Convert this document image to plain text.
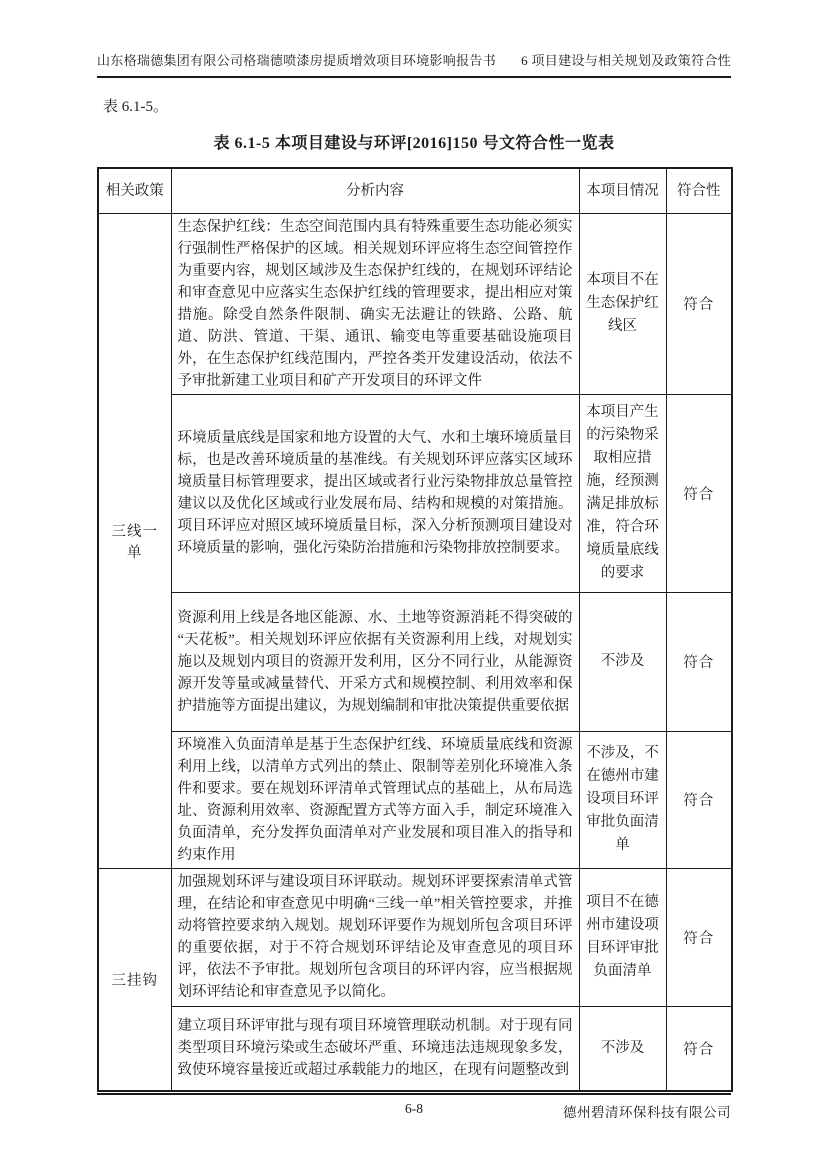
山东格瑞德集团有限公司格瑞德喷漆房提质增效项目环境影响报告书 6 项目建设与相关规划及政策符合性

表 6.1-5。

表 6.1-5 本项目建设与环评[2016]150 号文符合性一览表
相关政策	分析内容	本项目情况	符合性
三线一单	生态保护红线：生态空间范围内具有特殊重要生态功能必须实行强制性严格保护的区域。相关规划环评应将生态空间管控作为重要内容，规划区域涉及生态保护红线的，在规划环评结论和审查意见中应落实生态保护红线的管理要求，提出相应对策措施。除受自然条件限制、确实无法避让的铁路、公路、航道、防洪、管道、干渠、通讯、输变电等重要基础设施项目外，在生态保护红线范围内，严控各类开发建设活动，依法不予审批新建工业项目和矿产开发项目的环评文件	本项目不在生态保护红线区	符合
	环境质量底线是国家和地方设置的大气、水和土壤环境质量目标，也是改善环境质量的基准线。有关规划环评应落实区域环境质量目标管理要求，提出区域或者行业污染物排放总量管控建议以及优化区域或行业发展布局、结构和规模的对策措施。项目环评应对照区域环境质量目标，深入分析预测项目建设对环境质量的影响，强化污染防治措施和污染物排放控制要求。	本项目产生的污染物采取相应措施，经预测满足排放标准，符合环境质量底线的要求	符合
	资源利用上线是各地区能源、水、土地等资源消耗不得突破的“天花板”。相关规划环评应依据有关资源利用上线，对规划实施以及规划内项目的资源开发利用，区分不同行业，从能源资源开发等量或减量替代、开采方式和规模控制、利用效率和保护措施等方面提出建议，为规划编制和审批决策提供重要依据	不涉及	符合
	环境准入负面清单是基于生态保护红线、环境质量底线和资源利用上线，以清单方式列出的禁止、限制等差别化环境准入条件和要求。要在规划环评清单式管理试点的基础上，从布局选址、资源利用效率、资源配置方式等方面入手，制定环境准入负面清单，充分发挥负面清单对产业发展和项目准入的指导和约束作用	不涉及，不在德州市建设项目环评审批负面清单	符合
三挂钩	加强规划环评与建设项目环评联动。规划环评要探索清单式管理，在结论和审查意见中明确“三线一单”相关管控要求，并推动将管控要求纳入规划。规划环评要作为规划所包含项目环评的重要依据，对于不符合规划环评结论及审查意见的项目环评，依法不予审批。规划所包含项目的环评内容，应当根据规划环评结论和审查意见予以简化。	项目不在德州市建设项目环评审批负面清单	符合
	建立项目环评审批与现有项目环境管理联动机制。对于现有同类型项目环境污染或生态破坏严重、环境违法违规现象多发，致使环境容量接近或超过承载能力的地区，在现有问题整改到	不涉及	符合
6-8	德州碧清环保科技有限公司
